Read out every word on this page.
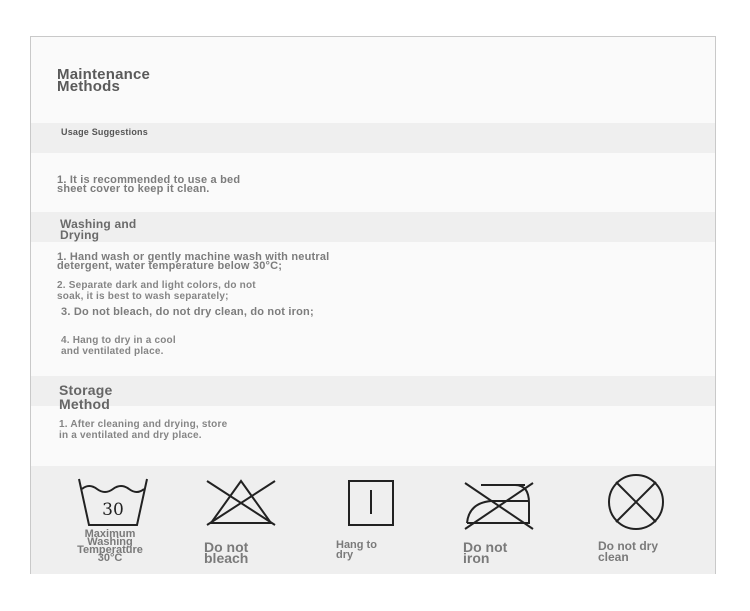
Maintenance
Methods
Usage Suggestions
1. It is recommended to use a bed
sheet cover to keep it clean.
Washing and
Drying
1. Hand wash or gently machine wash with neutral
detergent, water temperature below 30°C;
2. Separate dark and light colors, do not
soak, it is best to wash separately;
3. Do not bleach, do not dry clean, do not iron;
4. Hang to dry in a cool
and ventilated place.
Storage
Method
1. After cleaning and drying, store
in a ventilated and dry place.
30
Maximum
Washing
Temperature
30°C
Do not
bleach
Hang to
dry	Do not
iron
Do not dry
clean
